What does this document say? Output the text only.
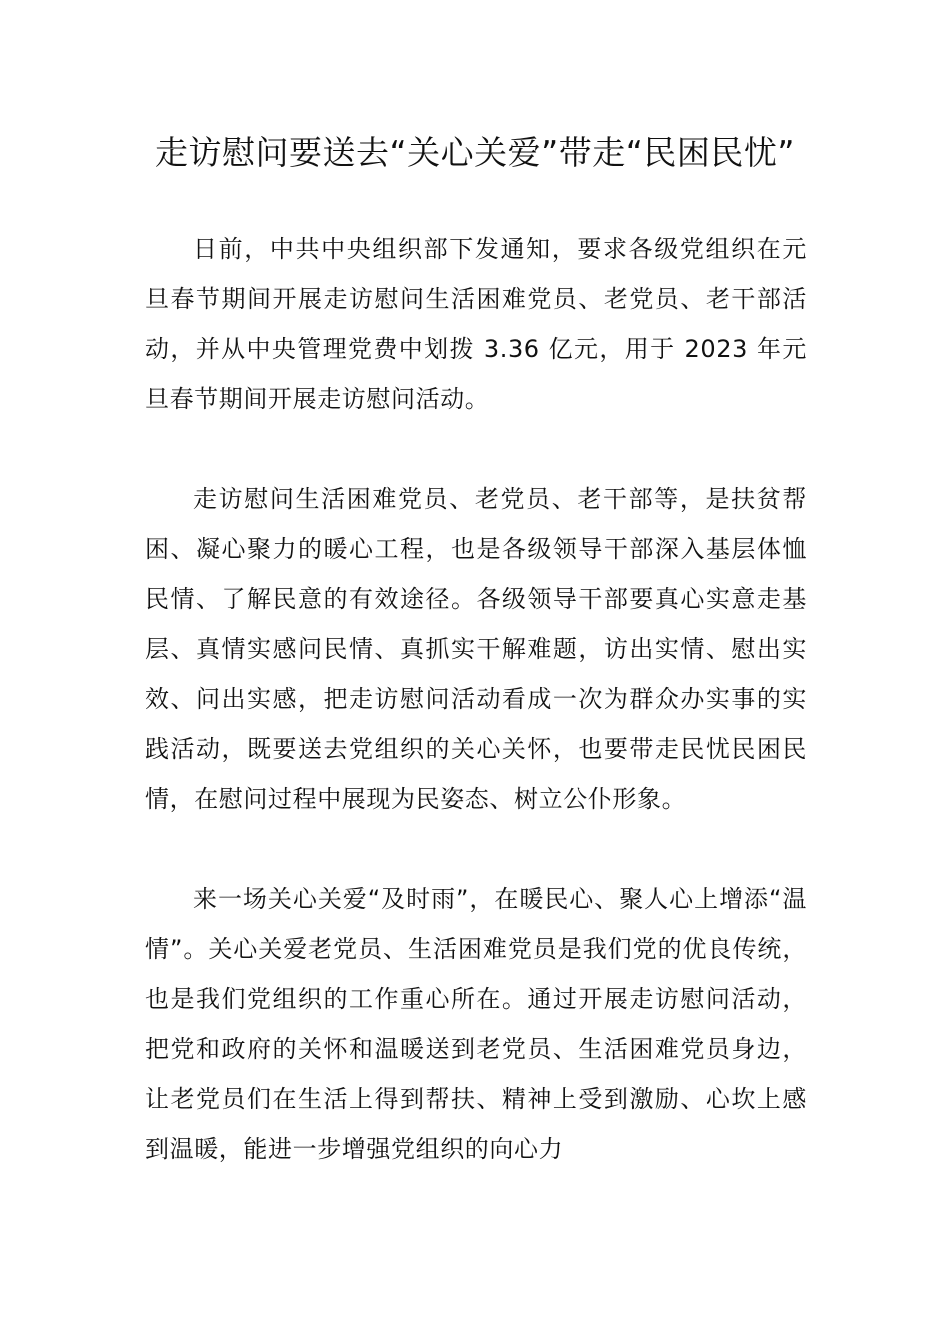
走访慰问要送去“关心关爱”带走“民困民忧”

日前，中共中央组织部下发通知，要求各级党组织在元旦春节期间开展走访慰问生活困难党员、老党员、老干部活动，并从中央管理党费中划拨 3.36 亿元，用于 2023 年元旦春节期间开展走访慰问活动。

走访慰问生活困难党员、老党员、老干部等，是扶贫帮困、凝心聚力的暖心工程，也是各级领导干部深入基层体恤民情、了解民意的有效途径。各级领导干部要真心实意走基层、真情实感问民情、真抓实干解难题，访出实情、慰出实效、问出实感，把走访慰问活动看成一次为群众办实事的实践活动，既要送去党组织的关心关怀，也要带走民忧民困民情，在慰问过程中展现为民姿态、树立公仆形象。

来一场关心关爱“及时雨”，在暖民心、聚人心上增添“温情”。关心关爱老党员、生活困难党员是我们党的优良传统，也是我们党组织的工作重心所在。通过开展走访慰问活动，把党和政府的关怀和温暖送到老党员、生活困难党员身边，让老党员们在生活上得到帮扶、精神上受到激励、心坎上感到温暖，能进一步增强党组织的向心力
